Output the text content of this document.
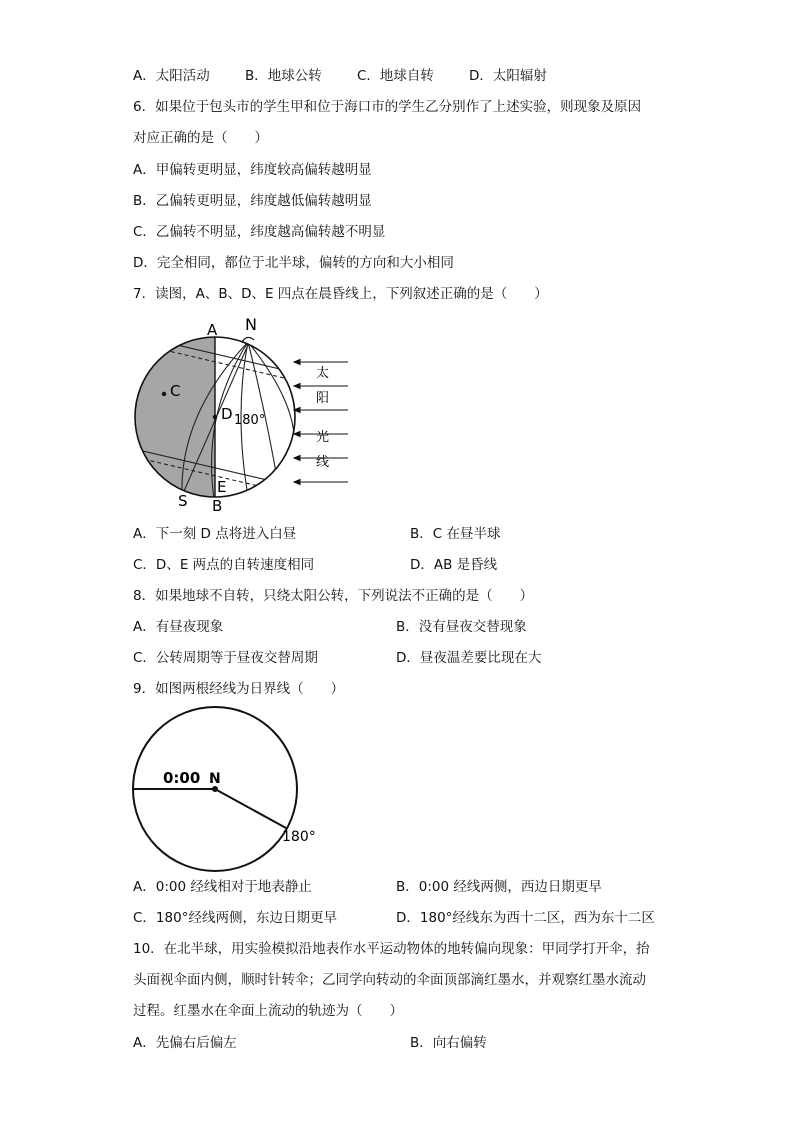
A．太阳活动	B．地球公转	C．地球自转	D．太阳辐射
6．如果位于包头市的学生甲和位于海口市的学生乙分别作了上述实验，则现象及原因
对应正确的是（　　）
A．甲偏转更明显，纬度较高偏转越明显
B．乙偏转更明显，纬度越低偏转越明显
C．乙偏转不明显，纬度越高偏转越不明显
D．完全相同，都位于北半球，偏转的方向和大小相同
7．读图，A、B、D、E 四点在晨昏线上，下列叙述正确的是（　　）
A N
C
D 180°
S
E
B
太
阳
光
线
A．下一刻 D 点将进入白昼	B．C 在昼半球
C．D、E 两点的自转速度相同	D．AB 是昏线
8．如果地球不自转，只绕太阳公转，下列说法不正确的是（　　）
A．有昼夜现象	B．没有昼夜交替现象
C．公转周期等于昼夜交替周期	D．昼夜温差要比现在大
9．如图两根经线为日界线（　　）
0:00 N
180°
A．0:00 经线相对于地表静止	B．0:00 经线两侧，西边日期更早
C．180°经线两侧，东边日期更早	D．180°经线东为西十二区，西为东十二区
10．在北半球，用实验模拟沿地表作水平运动物体的地转偏向现象：甲同学打开伞，抬
头面视伞面内侧，顺时针转伞；乙同学向转动的伞面顶部滴红墨水，并观察红墨水流动
过程。红墨水在伞面上流动的轨迹为（　　）
A．先偏右后偏左	B．向右偏转
